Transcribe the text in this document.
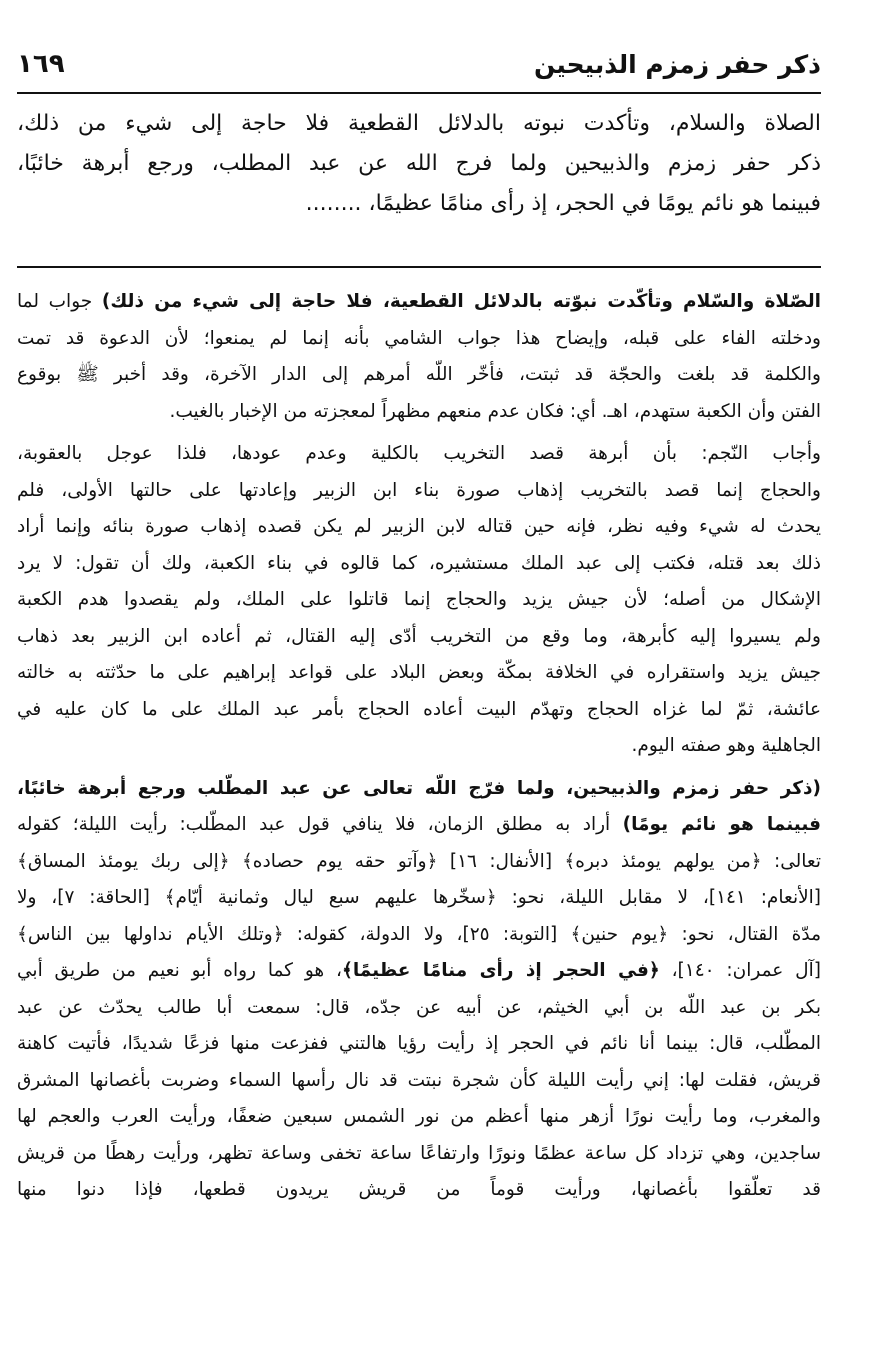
١٦٩	ذكر حفر زمزم الذبيحين
الصلاة والسلام، وتأكدت نبوته بالدلائل القطعية فلا حاجة إلى شيء من ذلك،
ذكر حفر زمزم والذبيحين ولما فرج الله عن عبد المطلب، ورجع أبرهة خائبًا،
فبينما هو نائم يومًا في الحجر، إذ رأى منامًا عظيمًا، ........

الصّلاة والسّلام وتأكّدت نبوّته بالدلائل القطعية، فلا حاجة إلى شيء من ذلك) جواب لما
ودخلته الفاء على قبله، وإيضاح هذا جواب الشامي بأنه إنما لم يمنعوا؛ لأن الدعوة قد تمت
والكلمة قد بلغت والحجّة قد ثبتت، فأخّر اللّه أمرهم إلى الدار الآخرة، وقد أخبر ﷺ بوقوع
الفتن وأن الكعبة ستهدم، اهـ. أي: فكان عدم منعهم مظهراً لمعجزته من الإخبار بالغيب.

وأجاب النّجم: بأن أبرهة قصد التخريب بالكلية وعدم عودها، فلذا عوجل بالعقوبة،
والحجاج إنما قصد بالتخريب إذهاب صورة بناء ابن الزبير وإعادتها على حالتها الأولى، فلم
يحدث له شيء وفيه نظر، فإنه حين قتاله لابن الزبير لم يكن قصده إذهاب صورة بنائه وإنما أراد
ذلك بعد قتله، فكتب إلى عبد الملك مستشيره، كما قالوه في بناء الكعبة، ولك أن تقول: لا يرد
الإشكال من أصله؛ لأن جيش يزيد والحجاج إنما قاتلوا على الملك، ولم يقصدوا هدم الكعبة
ولم يسيروا إليه كأبرهة، وما وقع من التخريب أدّى إليه القتال، ثم أعاده ابن الزبير بعد ذهاب
جيش يزيد واستقراره في الخلافة بمكّة وبعض البلاد على قواعد إبراهيم على ما حدّثته به خالته
عائشة، ثمّ لما غزاه الحجاج وتهدّم البيت أعاده الحجاج بأمر عبد الملك على ما كان عليه في
الجاهلية وهو صفته اليوم.

(ذكر حفر زمزم والذبيحين، ولما فرّج اللّه تعالى عن عبد المطّلب ورجع أبرهة خائبًا،
فبينما هو نائم يومًا) أراد به مطلق الزمان، فلا ينافي قول عبد المطّلب: رأيت الليلة؛ كقوله
تعالى: ﴿من يولهم يومئذ دبره﴾ [الأنفال: ١٦] ﴿وآتو حقه يوم حصاده﴾ ﴿إلى ربك يومئذ المساق﴾
[الأنعام: ١٤١]، لا مقابل الليلة، نحو: ﴿سخّرها عليهم سبع ليال وثمانية أيّام﴾ [الحاقة: ٧]، ولا
مدّة القتال، نحو: ﴿يوم حنين﴾ [التوبة: ٢٥]، ولا الدولة، كقوله: ﴿وتلك الأيام نداولها بين الناس﴾
[آل عمران: ١٤٠]، ﴿في الحجر إذ رأى منامًا عظيمًا﴾، هو كما رواه أبو نعيم من طريق أبي
بكر بن عبد اللّه بن أبي الخيثم، عن أبيه عن جدّه، قال: سمعت أبا طالب يحدّث عن عبد
المطّلب، قال: بينما أنا نائم في الحجر إذ رأيت رؤيا هالتني ففزعت منها فزعًا شديدًا، فأتيت كاهنة
قريش، فقلت لها: إني رأيت الليلة كأن شجرة نبتت قد نال رأسها السماء وضربت بأغصانها المشرق
والمغرب، وما رأيت نورًا أزهر منها أعظم من نور الشمس سبعين ضعفًا، ورأيت العرب والعجم لها
ساجدين، وهي تزداد كل ساعة عظمًا ونورًا وارتفاعًا ساعة تخفى وساعة تظهر، ورأيت رهطًا من قريش
قد تعلّقوا بأغصانها، ورأيت قوماً من قريش يريدون قطعها، فإذا دنوا منها
